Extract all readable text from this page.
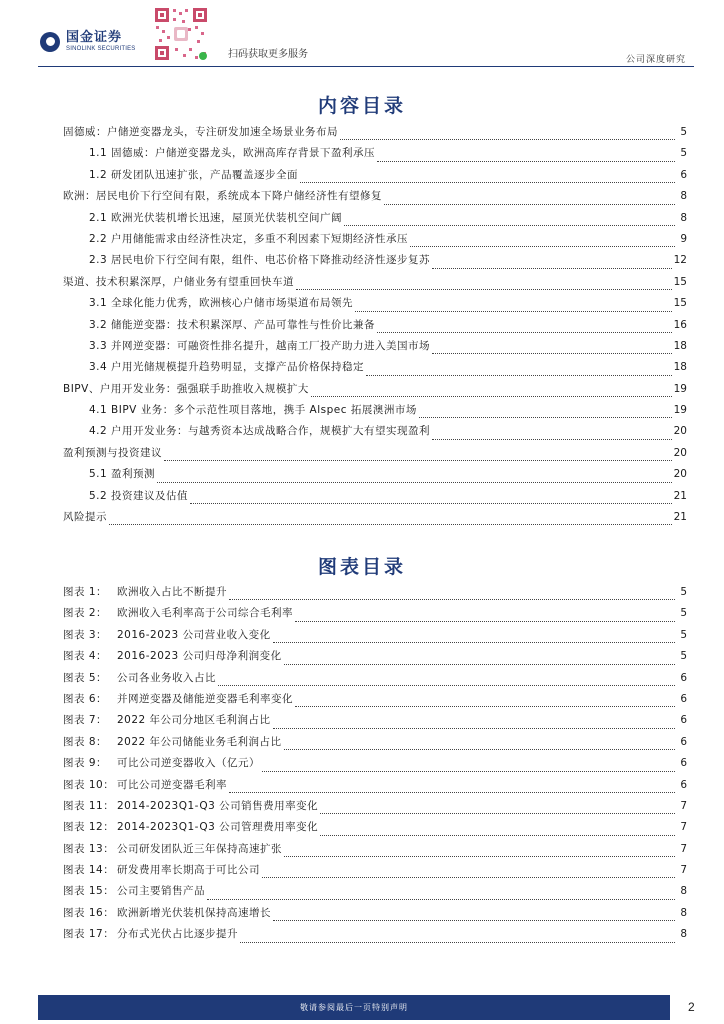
国金证券
SINOLINK SECURITIES	扫码获取更多服务	公司深度研究
内容目录
固德威：户储逆变器龙头，专注研发加速全场景业务布局	5
1.1 固德威：户储逆变器龙头，欧洲高库存背景下盈利承压	5
1.2 研发团队迅速扩张，产品覆盖逐步全面	6
欧洲：居民电价下行空间有限，系统成本下降户储经济性有望修复	8
2.1 欧洲光伏装机增长迅速，屋顶光伏装机空间广阔	8
2.2 户用储能需求由经济性决定，多重不利因素下短期经济性承压	9
2.3 居民电价下行空间有限，组件、电芯价格下降推动经济性逐步复苏	12
渠道、技术积累深厚，户储业务有望重回快车道	15
3.1 全球化能力优秀，欧洲核心户储市场渠道布局领先	15
3.2 储能逆变器：技术积累深厚、产品可靠性与性价比兼备	16
3.3 并网逆变器：可融资性排名提升，越南工厂投产助力进入美国市场	18
3.4 户用光储规模提升趋势明显，支撑产品价格保持稳定	18
BIPV、户用开发业务：强强联手助推收入规模扩大	19
4.1 BIPV 业务：多个示范性项目落地，携手 Alspec 拓展澳洲市场	19
4.2 户用开发业务：与越秀资本达成战略合作，规模扩大有望实现盈利	20
盈利预测与投资建议	20
5.1 盈利预测	20
5.2 投资建议及估值	21
风险提示	21
图表目录
图表 1： 欧洲收入占比不断提升	5
图表 2： 欧洲收入毛利率高于公司综合毛利率	5
图表 3： 2016-2023 公司营业收入变化	5
图表 4： 2016-2023 公司归母净利润变化	5
图表 5： 公司各业务收入占比	6
图表 6： 并网逆变器及储能逆变器毛利率变化	6
图表 7： 2022 年公司分地区毛利润占比	6
图表 8： 2022 年公司储能业务毛利润占比	6
图表 9： 可比公司逆变器收入（亿元）	6
图表 10： 可比公司逆变器毛利率	6
图表 11： 2014-2023Q1-Q3 公司销售费用率变化	7
图表 12： 2014-2023Q1-Q3 公司管理费用率变化	7
图表 13： 公司研发团队近三年保持高速扩张	7
图表 14： 研发费用率长期高于可比公司	7
图表 15： 公司主要销售产品	8
图表 16： 欧洲新增光伏装机保持高速增长	8
图表 17： 分布式光伏占比逐步提升	8
敬请参阅最后一页特别声明	2
